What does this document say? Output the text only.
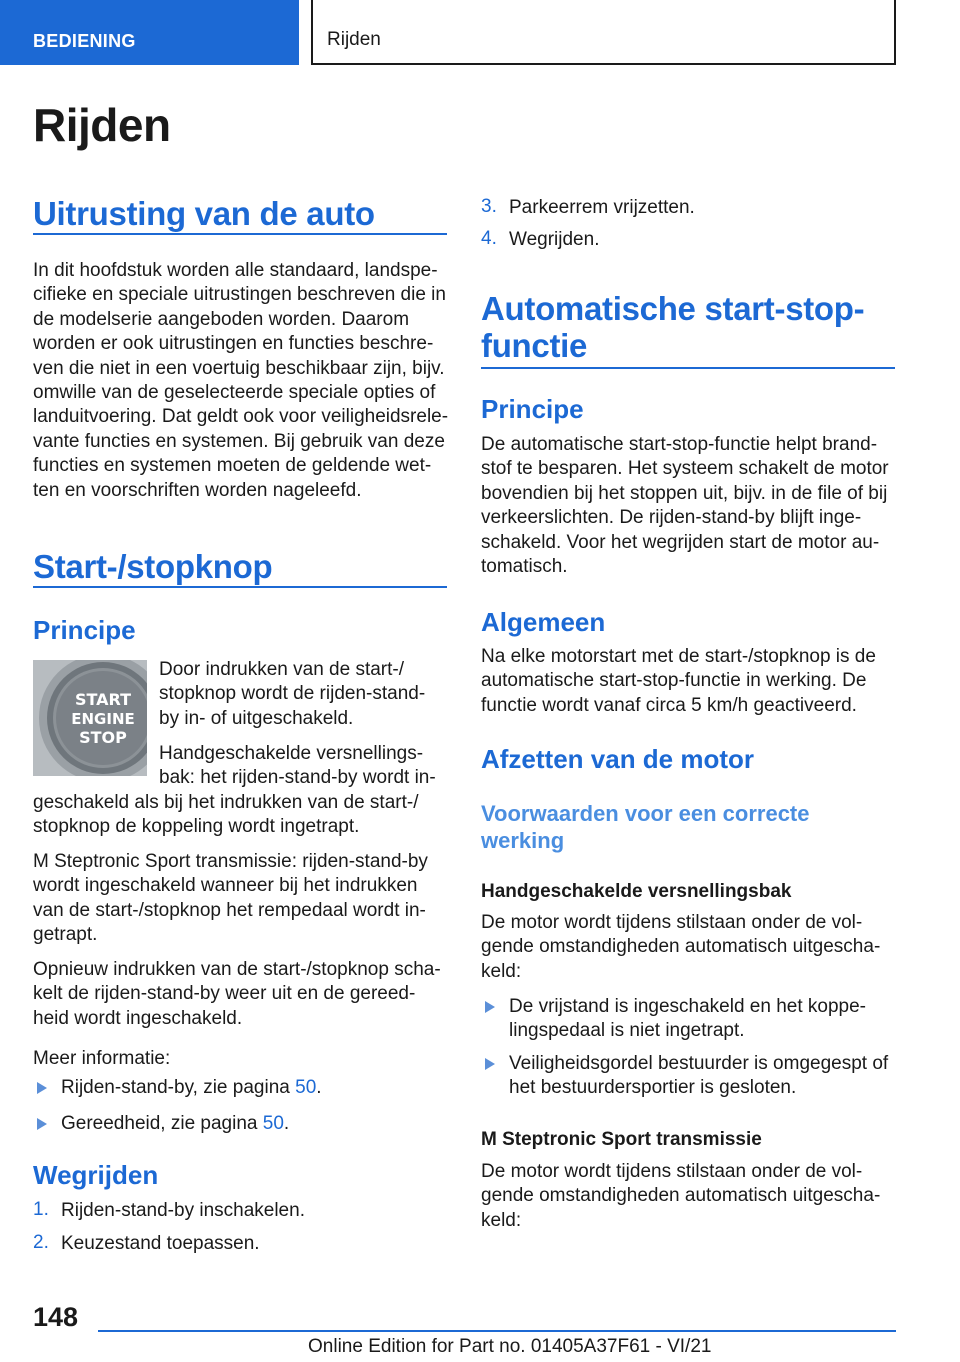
BEDIENING	Rijden
Rijden
Uitrusting van de auto
In dit hoofdstuk worden alle standaard, landspe-
cifieke en speciale uitrustingen beschreven die in
de modelserie aangeboden worden. Daarom
worden er ook uitrustingen en functies beschre-
ven die niet in een voertuig beschikbaar zijn, bijv.
omwille van de geselecteerde speciale opties of
landuitvoering. Dat geldt ook voor veiligheidsrele-
vante functies en systemen. Bij gebruik van deze
functies en systemen moeten de geldende wet-
ten en voorschriften worden nageleefd.
Start-/stopknop
Principe
START
ENGINE
STOP
Door indrukken van de start-/
stopknop wordt de rijden-stand-
by in- of uitgeschakeld.
Handgeschakelde versnellings-
bak: het rijden-stand-by wordt in-
geschakeld als bij het indrukken van de start-/
stopknop de koppeling wordt ingetrapt.
M Steptronic Sport transmissie: rijden-stand-by
wordt ingeschakeld wanneer bij het indrukken
van de start-/stopknop het rempedaal wordt in-
getrapt.
Opnieuw indrukken van de start-/stopknop scha-
kelt de rijden-stand-by weer uit en de gereed-
heid wordt ingeschakeld.
Meer informatie:
Rijden-stand-by, zie pagina 50.
Gereedheid, zie pagina 50.
Wegrijden
1. Rijden-stand-by inschakelen.
2. Keuzestand toepassen.
3. Parkeerrem vrijzetten.
4. Wegrijden.
Automatische start-stop-
functie
Principe
De automatische start-stop-functie helpt brand-
stof te besparen. Het systeem schakelt de motor
bovendien bij het stoppen uit, bijv. in de file of bij
verkeerslichten. De rijden-stand-by blijft inge-
schakeld. Voor het wegrijden start de motor au-
tomatisch.
Algemeen
Na elke motorstart met de start-/stopknop is de
automatische start-stop-functie in werking. De
functie wordt vanaf circa 5 km/h geactiveerd.
Afzetten van de motor
Voorwaarden voor een correcte
werking
Handgeschakelde versnellingsbak
De motor wordt tijdens stilstaan onder de vol-
gende omstandigheden automatisch uitgescha-
keld:
De vrijstand is ingeschakeld en het koppe-
lingspedaal is niet ingetrapt.
Veiligheidsgordel bestuurder is omgegespt of
het bestuurdersportier is gesloten.
M Steptronic Sport transmissie
De motor wordt tijdens stilstaan onder de vol-
gende omstandigheden automatisch uitgescha-
keld:
148
Online Edition for Part no. 01405A37F61 - VI/21
